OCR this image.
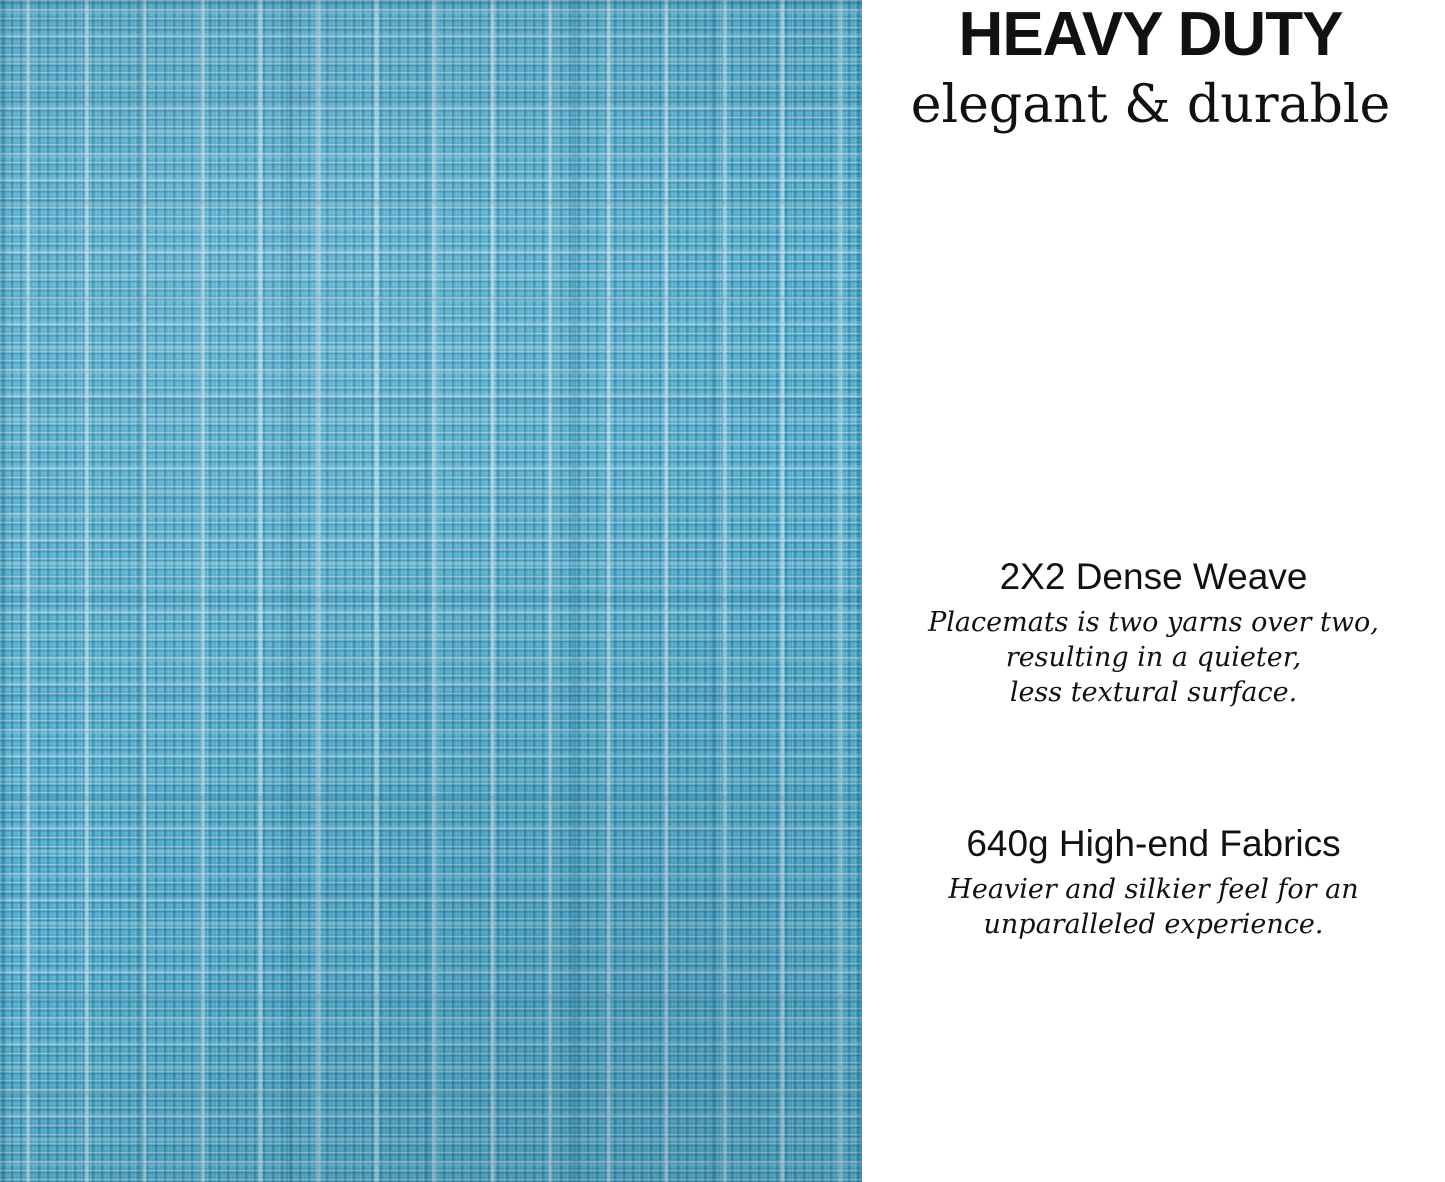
HEAVY DUTY
elegant & durable
2X2 Dense Weave

Placemats is two yarns over two,
resulting in a quieter,
less textural surface.

640g High-end Fabrics

Heavier and silkier feel for an
unparalleled experience.
